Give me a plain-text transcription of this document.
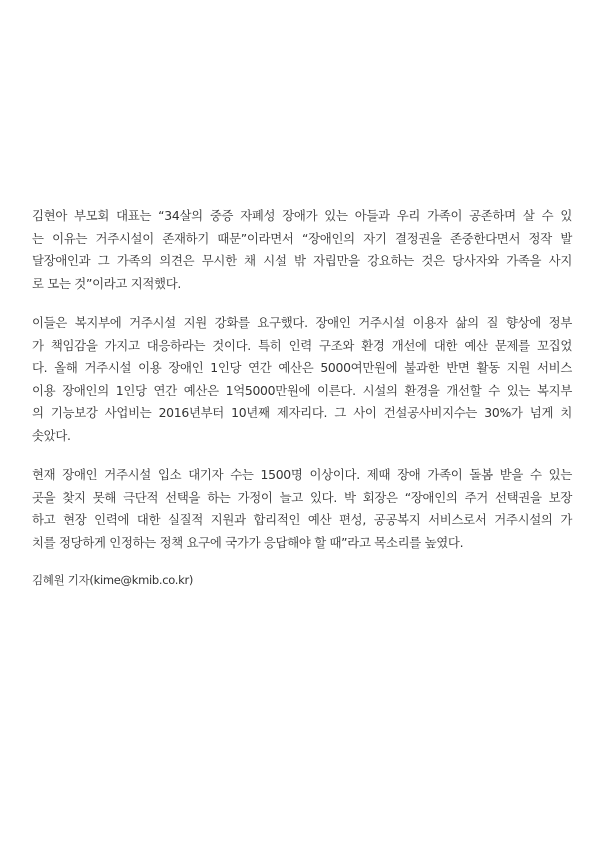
김현아 부모회 대표는 “34살의 중증 자폐성 장애가 있는 아들과 우리 가족이 공존하며 살 수 있
는 이유는 거주시설이 존재하기 때문”이라면서 “장애인의 자기 결정권을 존중한다면서 정작 발
달장애인과 그 가족의 의견은 무시한 채 시설 밖 자립만을 강요하는 것은 당사자와 가족을 사지
로 모는 것”이라고 지적했다.

이들은 복지부에 거주시설 지원 강화를 요구했다. 장애인 거주시설 이용자 삶의 질 향상에 정부
가 책임감을 가지고 대응하라는 것이다. 특히 인력 구조와 환경 개선에 대한 예산 문제를 꼬집었
다. 올해 거주시설 이용 장애인 1인당 연간 예산은 5000여만원에 불과한 반면 활동 지원 서비스
이용 장애인의 1인당 연간 예산은 1억5000만원에 이른다. 시설의 환경을 개선할 수 있는 복지부
의 기능보강 사업비는 2016년부터 10년째 제자리다. 그 사이 건설공사비지수는 30%가 넘게 치
솟았다.

현재 장애인 거주시설 입소 대기자 수는 1500명 이상이다. 제때 장애 가족이 돌봄 받을 수 있는
곳을 찾지 못해 극단적 선택을 하는 가정이 늘고 있다. 박 회장은 “장애인의 주거 선택권을 보장
하고 현장 인력에 대한 실질적 지원과 합리적인 예산 편성, 공공복지 서비스로서 거주시설의 가
치를 정당하게 인정하는 정책 요구에 국가가 응답해야 할 때”라고 목소리를 높였다.

김혜원 기자(kime@kmib.co.kr)
